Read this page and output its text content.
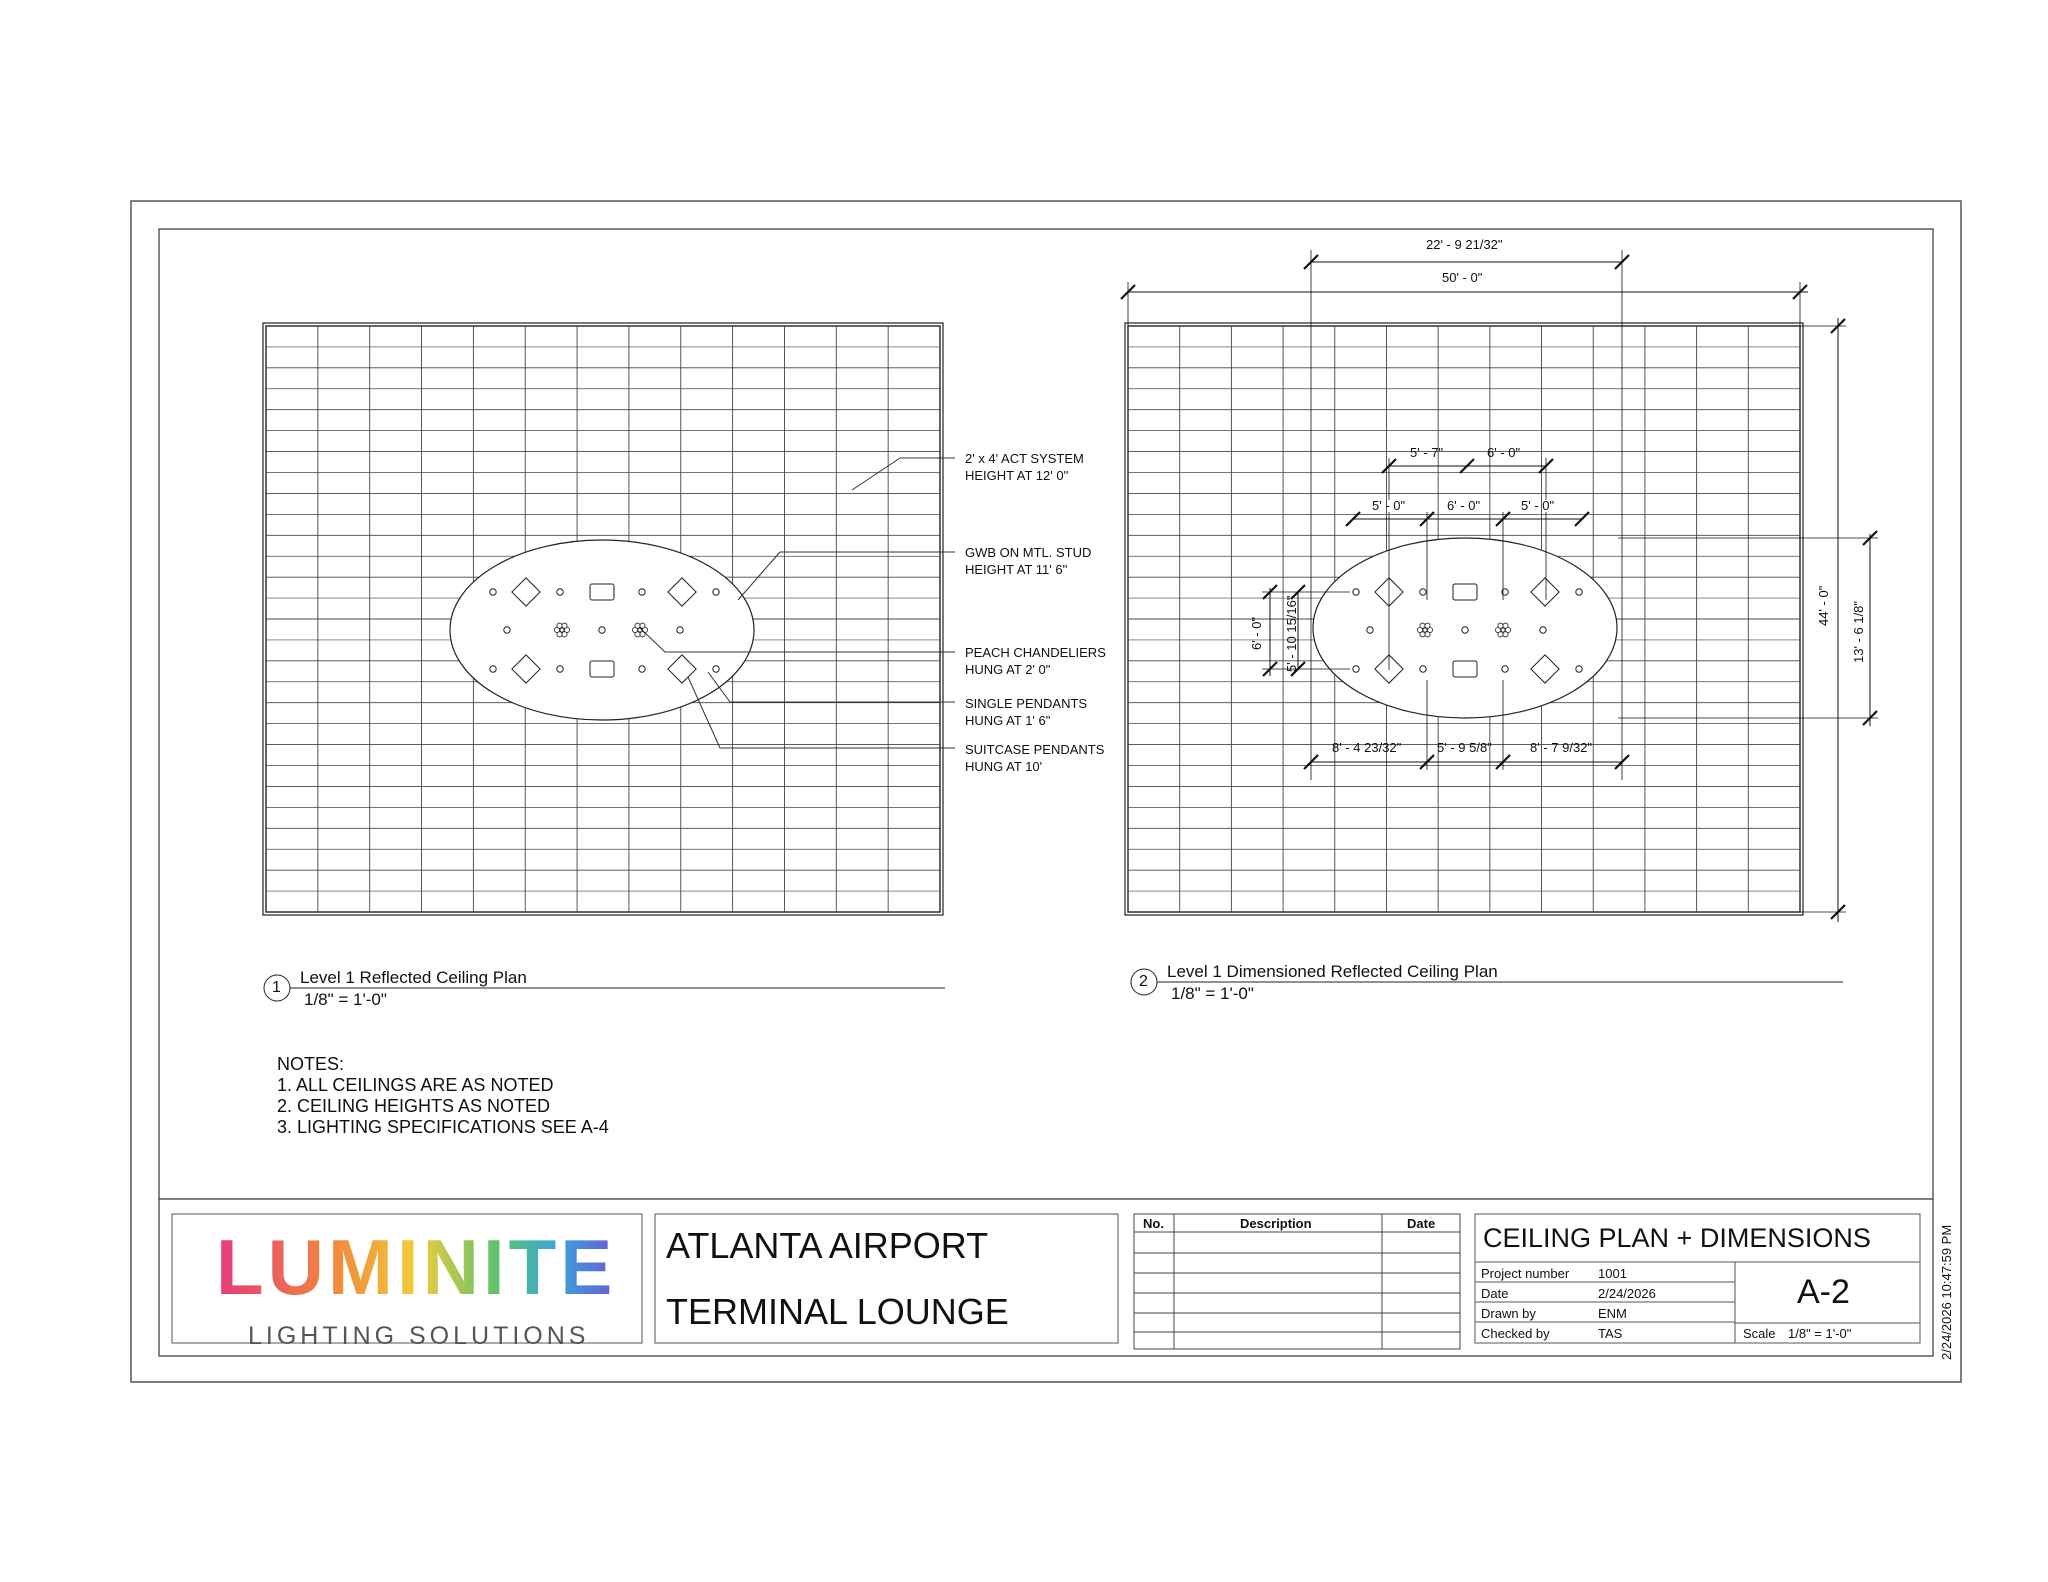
2' x 4' ACT SYSTEM
HEIGHT AT 12' 0"
GWB ON MTL. STUD
HEIGHT AT 11' 6"
PEACH CHANDELIERS
HUNG AT 2' 0"
SINGLE PENDANTS
HUNG AT 1' 6"
SUITCASE PENDANTS
HUNG AT 10'
1
Level 1 Reflected Ceiling Plan
1/8" = 1'-0"
22' - 9 21/32"
50' - 0"
5' - 7"	6' - 0"
5' - 0"	6' - 0"	5' - 0"
8' - 4 23/32"	5' - 9 5/8"	8' - 7 9/32"
6' - 0" 5' - 10 15/16"	44' - 0" 13' - 6 1/8"
2
Level 1 Dimensioned Reflected Ceiling Plan
1/8" = 1'-0"
NOTES:
1. ALL CEILINGS ARE AS NOTED
2. CEILING HEIGHTS AS NOTED
3. LIGHTING SPECIFICATIONS SEE A-4
LUMINITE
LIGHTING SOLUTIONS
ATLANTA AIRPORT
TERMINAL LOUNGE
No.	Description	Date CEILING PLAN + DIMENSIONS
Project number 1001
Date	2/24/2026
Drawn by	ENM
Checked by	TAS
A-2
Scale 1/8" = 1'-0"	2/24/2026 10:47:59 PM
